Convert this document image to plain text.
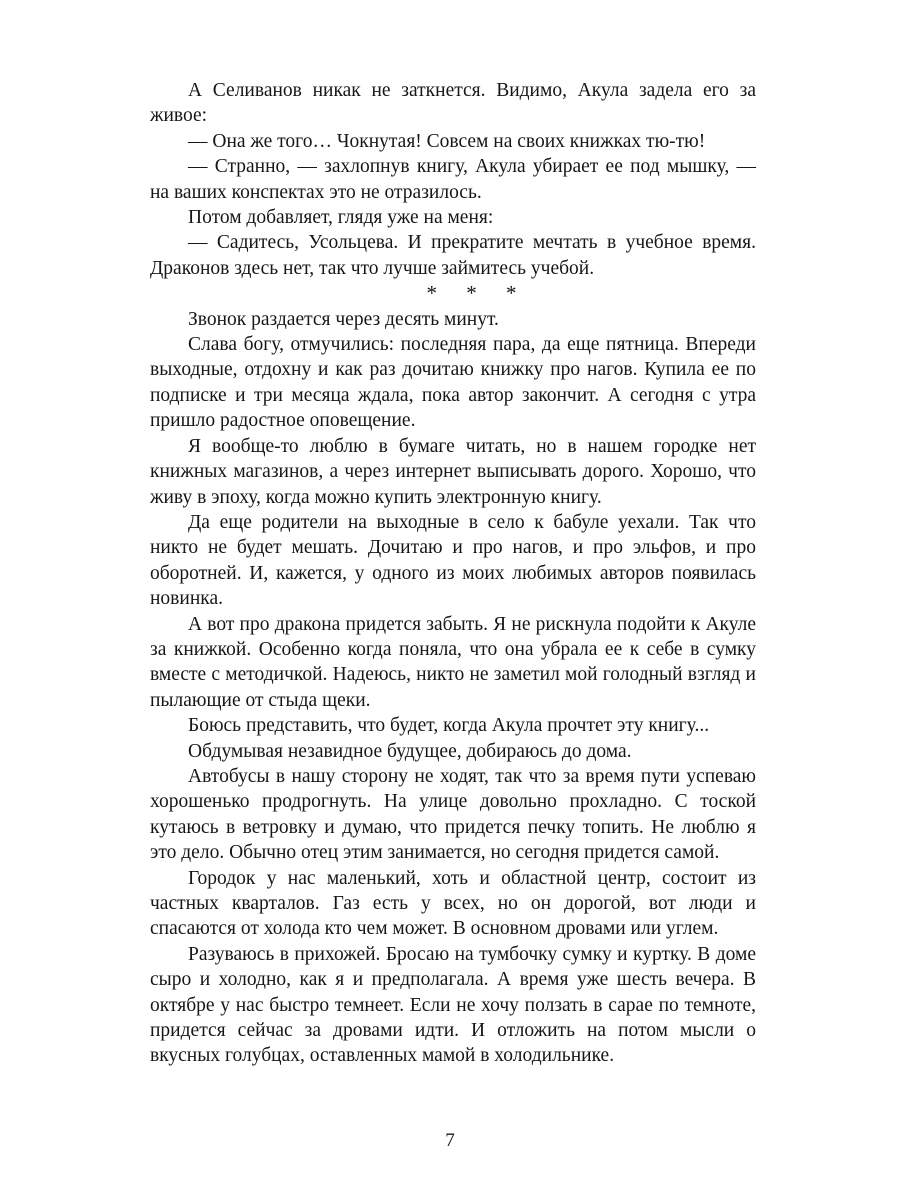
А Селиванов никак не заткнется. Видимо, Акула задела его за живое:

— Она же того… Чокнутая! Совсем на своих книжках тю-тю!

— Странно, — захлопнув книгу, Акула убирает ее под мышку, — на ваших конспектах это не отразилось.

Потом добавляет, глядя уже на меня:

— Садитесь, Усольцева. И прекратите мечтать в учебное время. Драконов здесь нет, так что лучше займитесь учебой.

* * *

Звонок раздается через десять минут.

Слава богу, отмучились: последняя пара, да еще пятница. Впереди выходные, отдохну и как раз дочитаю книжку про нагов. Купила ее по подписке и три месяца ждала, пока автор закончит. А сегодня с утра пришло радостное оповещение.

Я вообще-то люблю в бумаге читать, но в нашем городке нет книжных магазинов, а через интернет выписывать дорого. Хорошо, что живу в эпоху, когда можно купить электронную книгу.

Да еще родители на выходные в село к бабуле уехали. Так что никто не будет мешать. Дочитаю и про нагов, и про эльфов, и про оборотней. И, кажется, у одного из моих любимых авторов появилась новинка.

А вот про дракона придется забыть. Я не рискнула подойти к Акуле за книжкой. Особенно когда поняла, что она убрала ее к себе в сумку вместе с методичкой. Надеюсь, никто не заметил мой голодный взгляд и пылающие от стыда щеки.

Боюсь представить, что будет, когда Акула прочтет эту книгу...

Обдумывая незавидное будущее, добираюсь до дома.

Автобусы в нашу сторону не ходят, так что за время пути успеваю хорошенько продрогнуть. На улице довольно прохладно. С тоской кутаюсь в ветровку и думаю, что придется печку топить. Не люблю я это дело. Обычно отец этим занимается, но сегодня придется самой.

Городок у нас маленький, хоть и областной центр, состоит из частных кварталов. Газ есть у всех, но он дорогой, вот люди и спасаются от холода кто чем может. В основном дровами или углем.

Разуваюсь в прихожей. Бросаю на тумбочку сумку и куртку. В доме сыро и холодно, как я и предполагала. А время уже шесть вечера. В октябре у нас быстро темнеет. Если не хочу ползать в сарае по темноте, придется сейчас за дровами идти. И отложить на потом мысли о вкусных голубцах, оставленных мамой в холодильнике.

7
